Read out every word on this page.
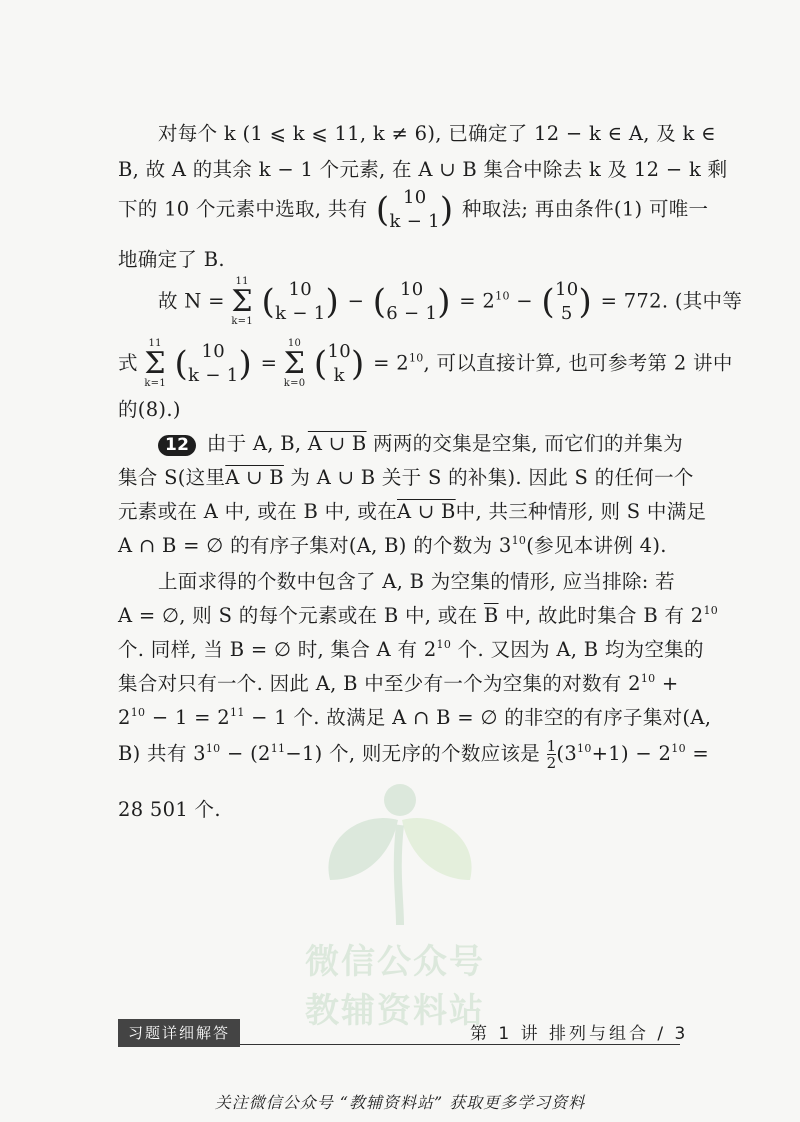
微信公众号
教辅资料站
对每个 k (1 ⩽ k ⩽ 11, k ≠ 6), 已确定了 12 − k ∈ A, 及 k ∈
B, 故 A 的其余 k − 1 个元素, 在 A ∪ B 集合中除去 k 及 12 − k 剩
下的 10 个元素中选取, 共有 ( 10
k − 1) 种取法; 再由条件(1) 可唯一
地确定了 B.
故 N =
11
Σ
k=1 ( 10
k − 1) − ( 10
$6 - 1) = 2^{10} - (10$
5 ) = 772. (其中等
式
11
Σ
k=1 ( 10
k − 1) =
10
Σ
k=0 (10
k ) = $2^{10}$, 可以直接计算, 也可参考第 2 讲中
的(8).)
12 由于 A, B, A ∪ B 两两的交集是空集, 而它们的并集为
集合 S(这里A ∪ B 为 A ∪ B 关于 S 的补集). 因此 S 的任何一个
元素或在 A 中, 或在 B 中, 或在A ∪ B中, 共三种情形, 则 S 中满足
A ∩ B = ∅ 的有序子集对(A, B) 的个数为 $3^{10}$(参见本讲例 4).
上面求得的个数中包含了 A, B 为空集的情形, 应当排除: 若
A = ∅, 则 S 的每个元素或在 B 中, 或在 $\overline{B}$ 中, 故此时集合 B 有 $2^{10}$
个. 同样, 当 B = ∅ 时, 集合 A 有 $2^{10}$ 个. 又因为 A, B 均为空集的
集合对只有一个. 因此 A, B 中至少有一个为空集的对数有 $2^{10}$ +
$2^{10} - 1 = 2^{11} - 1$ 个. 故满足 A ∩ B = ∅ 的非空的有序子集对(A,
B) 共有 $3^{10} - (2^{11}-1)$ 个, 则无序的个数应该是 $\frac{1}{2} (3^{10}+1) - 2^{10}$ =
28 501 个.
习题详细解答	第 1 讲 排列与组合 / 3
关注微信公众号 “教辅资料站” 获取更多学习资料
